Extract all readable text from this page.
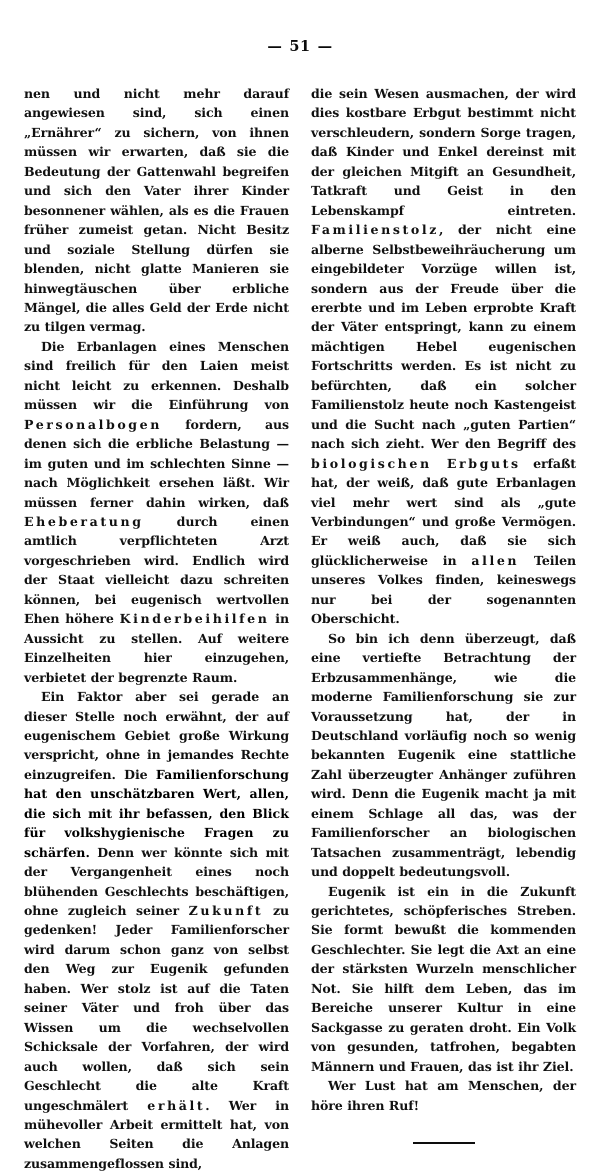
— 51 —

nen und nicht mehr darauf angewiesen sind, sich einen „Ernährer“ zu sichern, von ihnen müssen wir erwarten, daß sie die Bedeutung der Gattenwahl begreifen und sich den Vater ihrer Kinder besonnener wählen, als es die Frauen früher zumeist getan. Nicht Besitz und soziale Stellung dürfen sie blenden, nicht glatte Manieren sie hinwegtäuschen über erbliche Mängel, die alles Geld der Erde nicht zu tilgen vermag.

Die Erbanlagen eines Menschen sind freilich für den Laien meist nicht leicht zu erkennen. Deshalb müssen wir die Einführung von Personalbogen fordern, aus denen sich die erbliche Belastung — im guten und im schlechten Sinne — nach Möglichkeit ersehen läßt. Wir müssen ferner dahin wirken, daß Eheberatung durch einen amtlich verpflichteten Arzt vorgeschrieben wird. Endlich wird der Staat vielleicht dazu schreiten können, bei eugenisch wertvollen Ehen höhere Kinderbeihilfen in Aussicht zu stellen. Auf weitere Einzelheiten hier einzugehen, verbietet der begrenzte Raum.

Ein Faktor aber sei gerade an dieser Stelle noch erwähnt, der auf eugenischem Gebiet große Wirkung verspricht, ohne in jemandes Rechte einzugreifen. Die Familienforschung hat den unschätzbaren Wert, allen, die sich mit ihr befassen, den Blick für volkshygienische Fragen zu schärfen. Denn wer könnte sich mit der Vergangenheit eines noch blühenden Geschlechts beschäftigen, ohne zugleich seiner Zukunft zu gedenken! Jeder Familienforscher wird darum schon ganz von selbst den Weg zur Eugenik gefunden haben. Wer stolz ist auf die Taten seiner Väter und froh über das Wissen um die wechselvollen Schicksale der Vorfahren, der wird auch wollen, daß sich sein Geschlecht die alte Kraft ungeschmälert erhält. Wer in mühevoller Arbeit ermittelt hat, von welchen Seiten die Anlagen zusammengeflossen sind,

die sein Wesen ausmachen, der wird dies kostbare Erbgut bestimmt nicht verschleudern, sondern Sorge tragen, daß Kinder und Enkel dereinst mit der gleichen Mitgift an Gesundheit, Tatkraft und Geist in den Lebenskampf eintreten. Familienstolz, der nicht eine alberne Selbstbeweihräucherung um eingebildeter Vorzüge willen ist, sondern aus der Freude über die ererbte und im Leben erprobte Kraft der Väter entspringt, kann zu einem mächtigen Hebel eugenischen Fortschritts werden. Es ist nicht zu befürchten, daß ein solcher Familienstolz heute noch Kastengeist und die Sucht nach „guten Partien“ nach sich zieht. Wer den Begriff des biologischen Erbguts erfaßt hat, der weiß, daß gute Erbanlagen viel mehr wert sind als „gute Verbindungen“ und große Vermögen. Er weiß auch, daß sie sich glücklicherweise in allen Teilen unseres Volkes finden, keineswegs nur bei der sogenannten Oberschicht.

So bin ich denn überzeugt, daß eine vertiefte Betrachtung der Erbzusammenhänge, wie die moderne Familienforschung sie zur Voraussetzung hat, der in Deutschland vorläufig noch so wenig bekannten Eugenik eine stattliche Zahl überzeugter Anhänger zuführen wird. Denn die Eugenik macht ja mit einem Schlage all das, was der Familienforscher an biologischen Tatsachen zusammenträgt, lebendig und doppelt bedeutungsvoll.

Eugenik ist ein in die Zukunft gerichtetes, schöpferisches Streben. Sie formt bewußt die kommenden Geschlechter. Sie legt die Axt an eine der stärksten Wurzeln menschlicher Not. Sie hilft dem Leben, das im Bereiche unserer Kultur in eine Sackgasse zu geraten droht. Ein Volk von gesunden, tatfrohen, begabten Männern und Frauen, das ist ihr Ziel.

Wer Lust hat am Menschen, der höre ihren Ruf!
